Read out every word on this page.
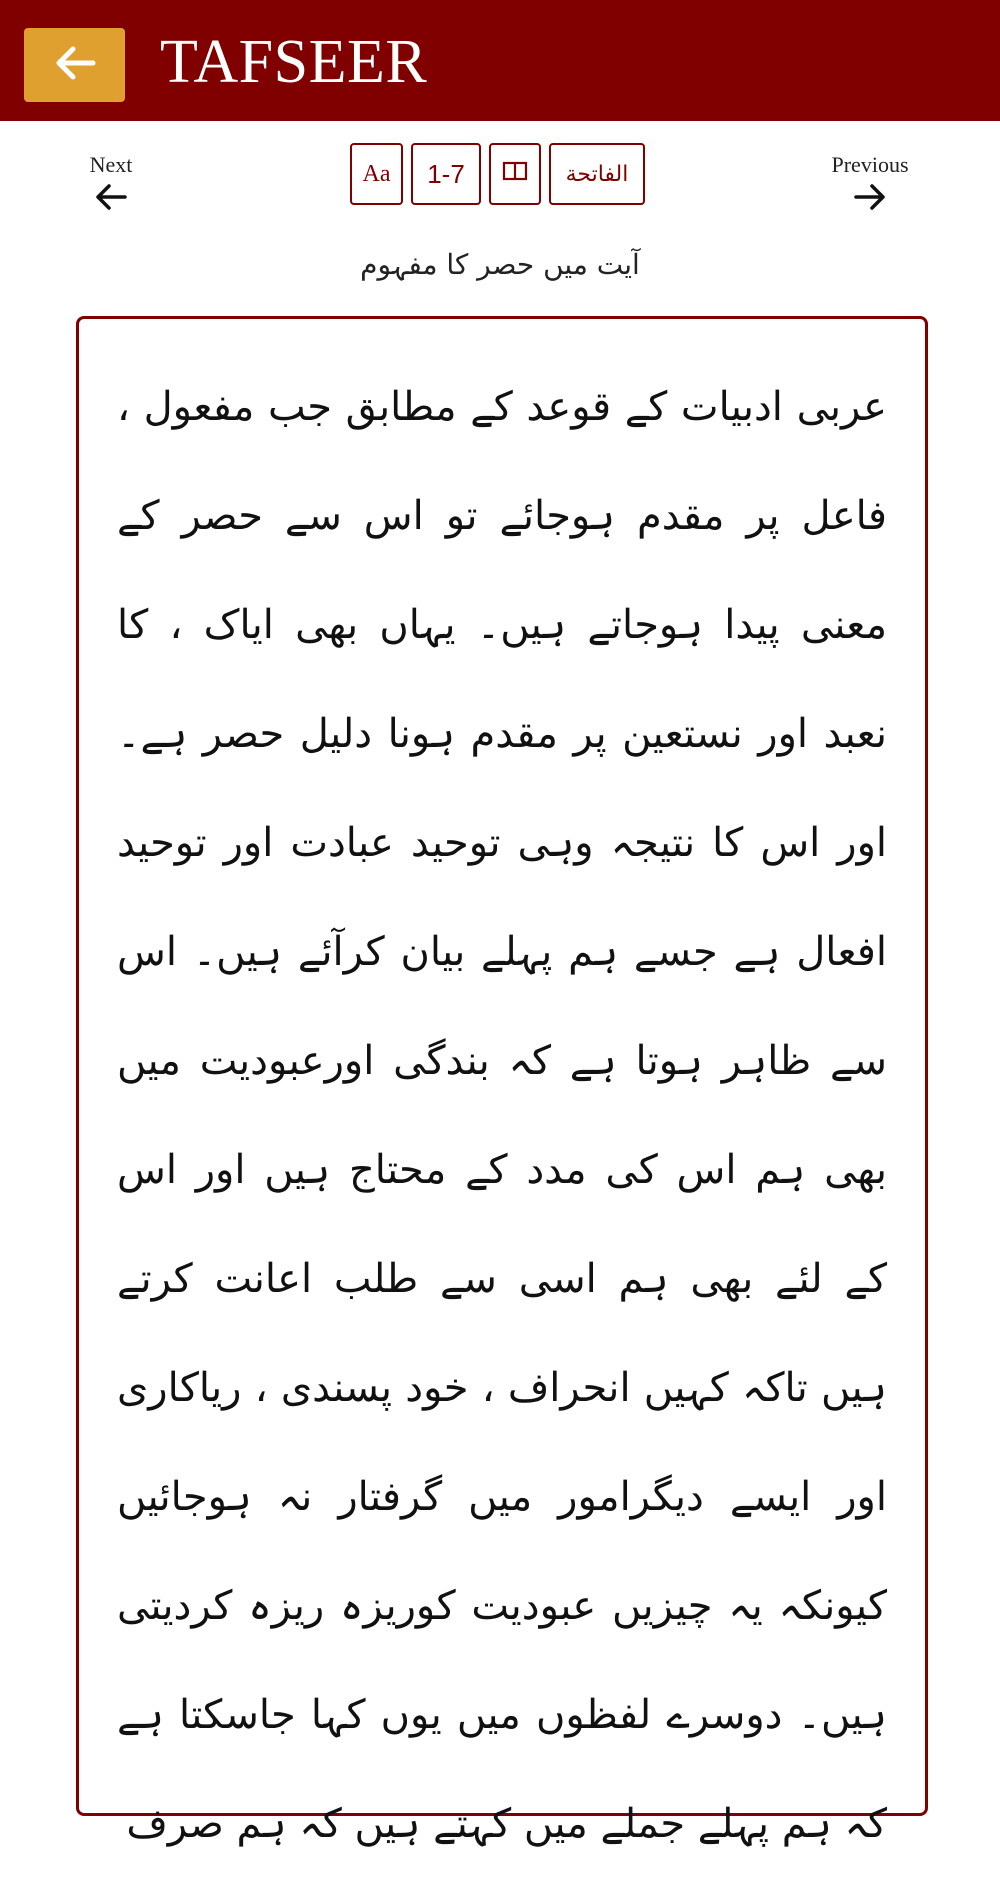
TAFSEER
Next	Aa	1-7	الفاتحة	Previous
آیت میں حصر کا مفہوم

عربی ادبیات کے قوعد کے مطابق جب مفعول ، فاعل پر مقدم ہوجائے تو اس سے حصر کے معنی پیدا ہوجاتے ہیں۔ یہاں بھی ایاک ، کا نعبد اور نستعین پر مقدم ہونا دلیل حصر ہے۔ اور اس کا نتیجہ وہی توحید عبادت اور توحید افعال ہے جسے ہم پہلے بیان کرآئے ہیں۔ اس سے ظاہر ہوتا ہے کہ بندگی اورعبودیت میں بھی ہم اس کی مدد کے محتاج ہیں اور اس کے لئے بھی ہم اسی سے طلب اعانت کرتے ہیں تاکہ کہیں انحراف ، خود پسندی ، ریاکاری اور ایسے دیگرامور میں گرفتار نہ ہوجائیں کیونکہ یہ چیزیں عبودیت کوریزہ ریزہ کردیتی ہیں۔ دوسرے لفظوں میں یوں کہا جاسکتا ہے کہ ہم پہلے جملے میں کہتے ہیں کہ ہم صرف
